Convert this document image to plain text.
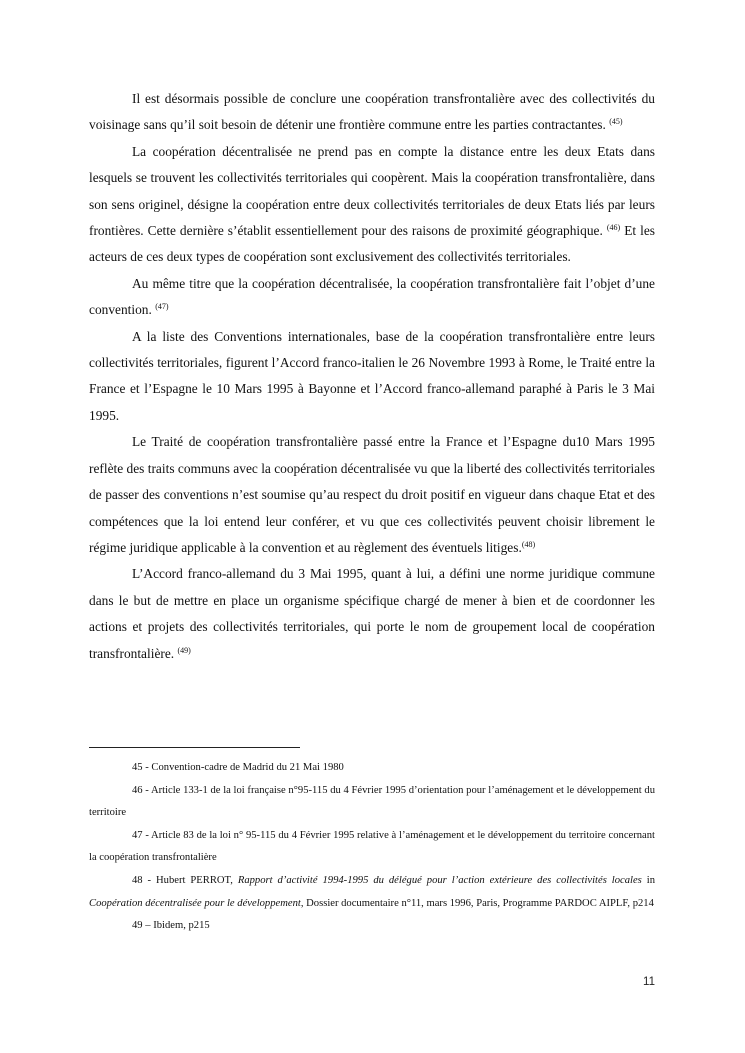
Il est désormais possible de conclure une coopération transfrontalière avec des collectivités du voisinage sans qu’il soit besoin de détenir une frontière commune entre les parties contractantes. $^{(45)}$

La coopération décentralisée ne prend pas en compte la distance entre les deux Etats dans lesquels se trouvent les collectivités territoriales qui coopèrent. Mais la coopération transfrontalière, dans son sens originel, désigne la coopération entre deux collectivités territoriales de deux Etats liés par leurs frontières. Cette dernière s’établit essentiellement pour des raisons de proximité géographique. $^{(46)}$ Et les acteurs de ces deux types de coopération sont exclusivement des collectivités territoriales.

Au même titre que la coopération décentralisée, la coopération transfrontalière fait l’objet d’une convention. $^{(47)}$

A la liste des Conventions internationales, base de la coopération transfrontalière entre leurs collectivités territoriales, figurent l’Accord franco-italien le 26 Novembre 1993 à Rome, le Traité entre la France et l’Espagne le 10 Mars 1995 à Bayonne et l’Accord franco-allemand paraphé à Paris le 3 Mai 1995.

Le Traité de coopération transfrontalière passé entre la France et l’Espagne du10 Mars 1995 reflète des traits communs avec la coopération décentralisée vu que la liberté des collectivités territoriales de passer des conventions n’est soumise qu’au respect du droit positif en vigueur dans chaque Etat et des compétences que la loi entend leur conférer, et vu que ces collectivités peuvent choisir librement le régime juridique applicable à la convention et au règlement des éventuels litiges.$^{(48)}$

L’Accord franco-allemand du 3 Mai 1995, quant à lui, a défini une norme juridique commune dans le but de mettre en place un organisme spécifique chargé de mener à bien et de coordonner les actions et projets des collectivités territoriales, qui porte le nom de groupement local de coopération transfrontalière. $^{(49)}$

45 - Convention-cadre de Madrid du 21 Mai 1980

46 - Article 133-1 de la loi française n°95-115 du 4 Février 1995 d’orientation pour l’aménagement et le développement du territoire

47 - Article 83 de la loi n° 95-115 du 4 Février 1995 relative à l’aménagement et le développement du territoire concernant la coopération transfrontalière

48 - Hubert PERROT, Rapport d’activité 1994-1995 du délégué pour l’action extérieure des collectivités locales in Coopération décentralisée pour le développement, Dossier documentaire n°11, mars 1996, Paris, Programme PARDOC AIPLF, p214

49 – Ibidem, p215

11
